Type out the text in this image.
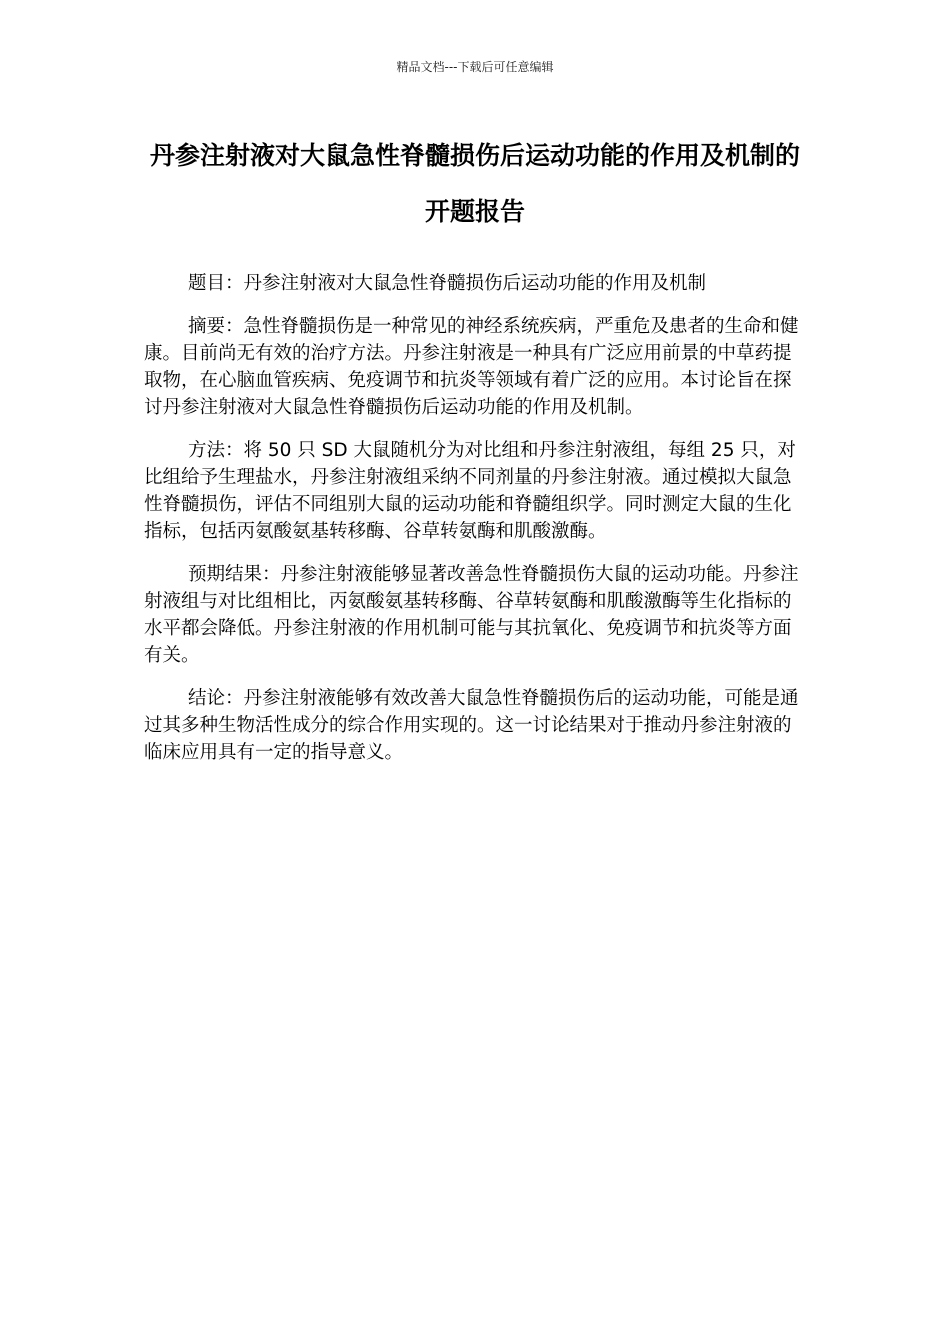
精品文档---下载后可任意编辑
丹参注射液对大鼠急性脊髓损伤后运动功能的作用及机制的开题报告

题目：丹参注射液对大鼠急性脊髓损伤后运动功能的作用及机制

摘要：急性脊髓损伤是一种常见的神经系统疾病，严重危及患者的生命和健康。目前尚无有效的治疗方法。丹参注射液是一种具有广泛应用前景的中草药提取物，在心脑血管疾病、免疫调节和抗炎等领域有着广泛的应用。本讨论旨在探讨丹参注射液对大鼠急性脊髓损伤后运动功能的作用及机制。

方法：将 50 只 SD 大鼠随机分为对比组和丹参注射液组，每组 25 只，对比组给予生理盐水，丹参注射液组采纳不同剂量的丹参注射液。通过模拟大鼠急性脊髓损伤，评估不同组别大鼠的运动功能和脊髓组织学。同时测定大鼠的生化指标，包括丙氨酸氨基转移酶、谷草转氨酶和肌酸激酶。

预期结果：丹参注射液能够显著改善急性脊髓损伤大鼠的运动功能。丹参注射液组与对比组相比，丙氨酸氨基转移酶、谷草转氨酶和肌酸激酶等生化指标的水平都会降低。丹参注射液的作用机制可能与其抗氧化、免疫调节和抗炎等方面有关。

结论：丹参注射液能够有效改善大鼠急性脊髓损伤后的运动功能，可能是通过其多种生物活性成分的综合作用实现的。这一讨论结果对于推动丹参注射液的临床应用具有一定的指导意义。
